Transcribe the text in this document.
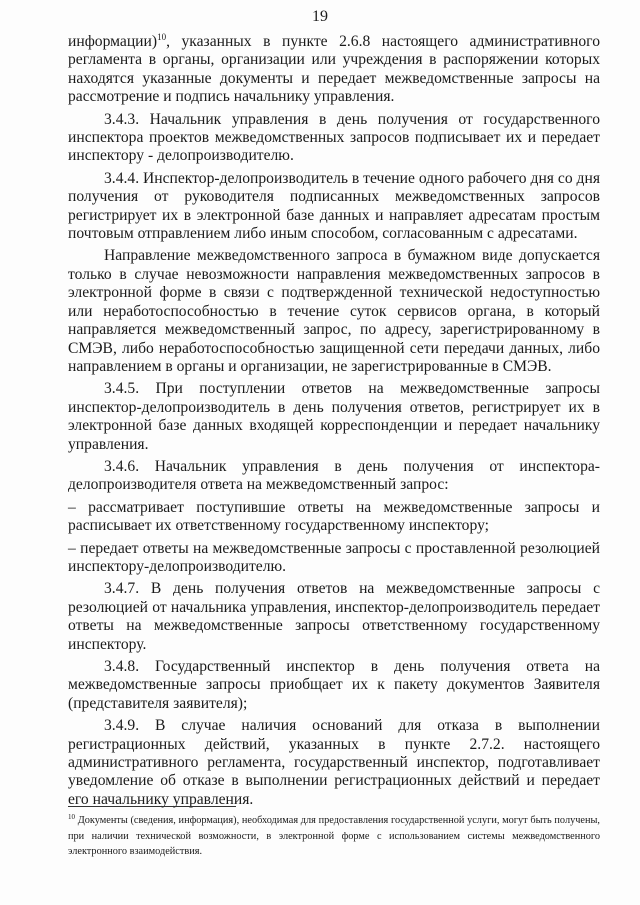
19

информации)$^{10}$, указанных в пункте 2.6.8 настоящего административного регламента в органы, организации или учреждения в распоряжении которых находятся указанные документы и передает межведомственные запросы на рассмотрение и подпись начальнику управления.

3.4.3. Начальник управления в день получения от государственного инспектора проектов межведомственных запросов подписывает их и передает инспектору - делопроизводителю.

3.4.4. Инспектор-делопроизводитель в течение одного рабочего дня со дня получения от руководителя подписанных межведомственных запросов регистрирует их в электронной базе данных и направляет адресатам простым почтовым отправлением либо иным способом, согласованным с адресатами.

Направление межведомственного запроса в бумажном виде допускается только в случае невозможности направления межведомственных запросов в электронной форме в связи с подтвержденной технической недоступностью или неработоспособностью в течение суток сервисов органа, в который направляется межведомственный запрос, по адресу, зарегистрированному в СМЭВ, либо неработоспособностью защищенной сети передачи данных, либо направлением в органы и организации, не зарегистрированные в СМЭВ.

3.4.5. При поступлении ответов на межведомственные запросы инспектор-делопроизводитель в день получения ответов, регистрирует их в электронной базе данных входящей корреспонденции и передает начальнику управления.

3.4.6. Начальник управления в день получения от инспектора-делопроизводителя ответа на межведомственный запрос:

– рассматривает поступившие ответы на межведомственные запросы и расписывает их ответственному государственному инспектору;

– передает ответы на межведомственные запросы с проставленной резолюцией инспектору-делопроизводителю.

3.4.7. В день получения ответов на межведомственные запросы с резолюцией от начальника управления, инспектор-делопроизводитель передает ответы на межведомственные запросы ответственному государственному инспектору.

3.4.8. Государственный инспектор в день получения ответа на межведомственные запросы приобщает их к пакету документов Заявителя (представителя заявителя);

3.4.9. В случае наличия оснований для отказа в выполнении регистрационных действий, указанных в пункте 2.7.2. настоящего административного регламента, государственный инспектор, подготавливает уведомление об отказе в выполнении регистрационных действий и передает его начальнику управления.

$^{10}$ Документы (сведения, информация), необходимая для предоставления государственной услуги, могут быть получены, при наличии технической возможности, в электронной форме с использованием системы межведомственного электронного взаимодействия.
